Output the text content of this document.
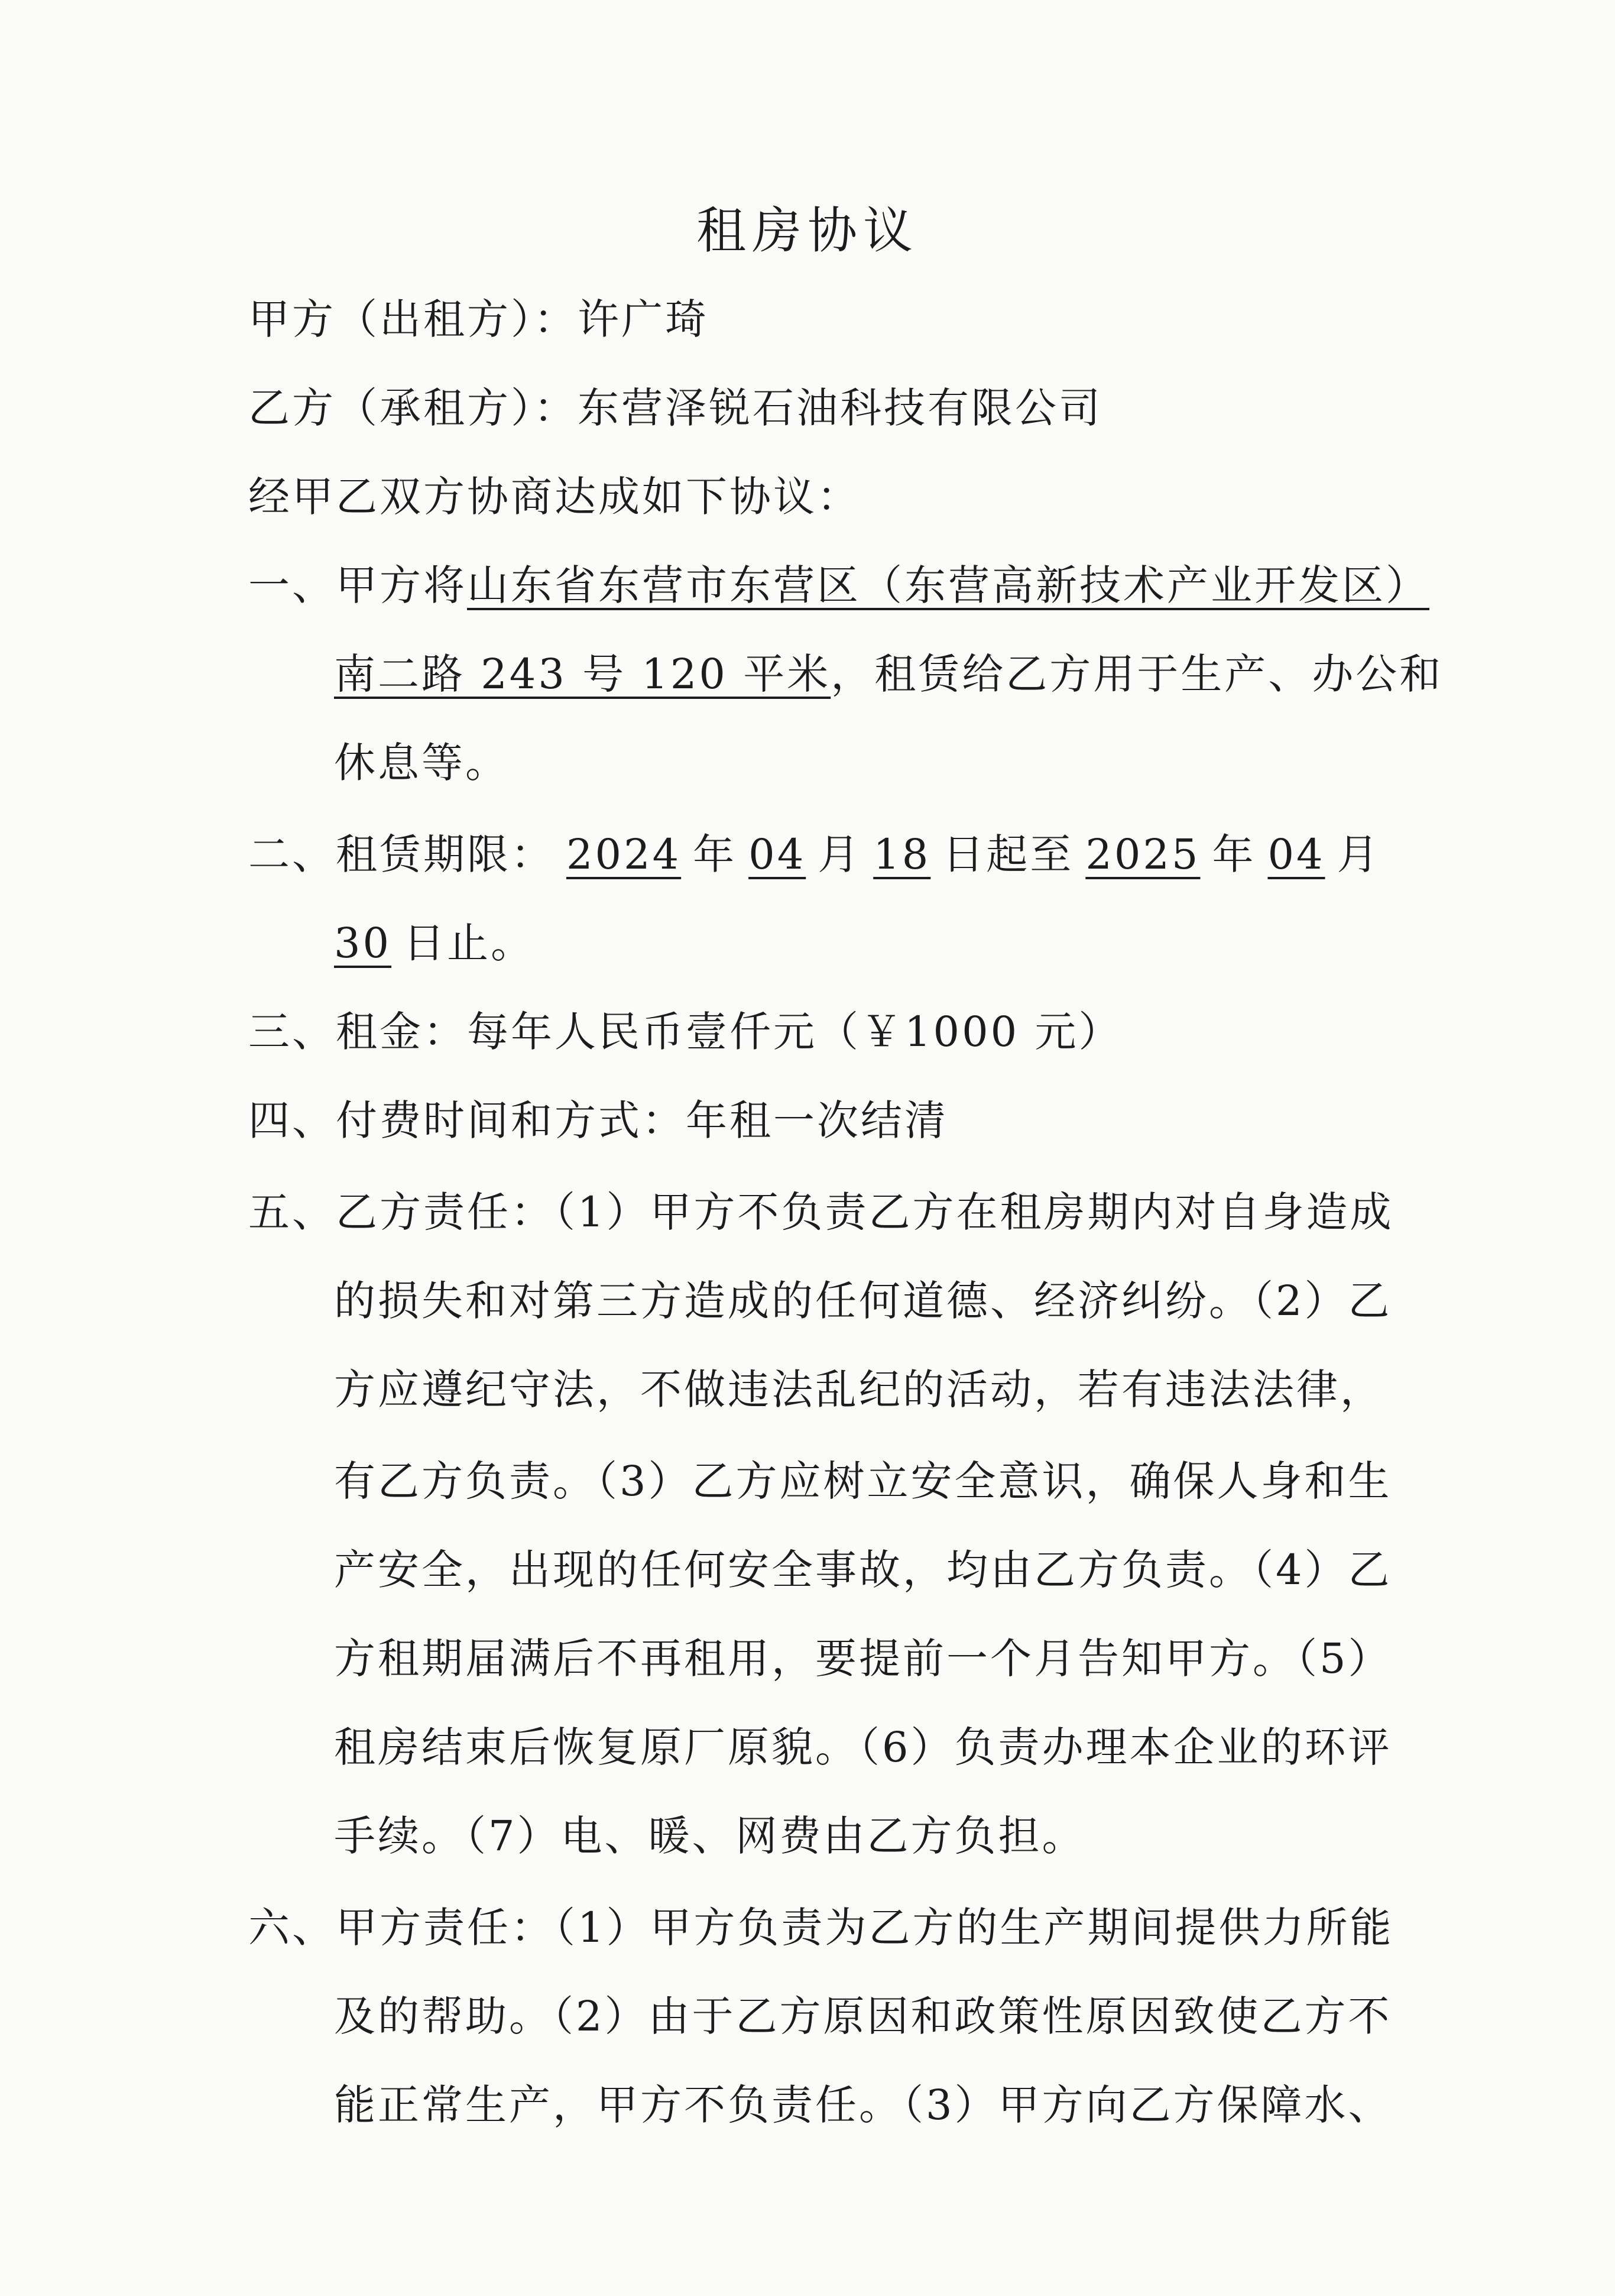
租房协议
甲方（出租方）：许广琦
乙方（承租方）：东营泽锐石油科技有限公司
经甲乙双方协商达成如下协议：
一、甲方将山东省东营市东营区（东营高新技术产业开发区）
南二路 243 号 120 平米，租赁给乙方用于生产、办公和
休息等。
二、租赁期限： 2024 年 04 月 18 日起至 2025 年 04 月
30 日止。
三、租金：每年人民币壹仟元（￥1000 元）
四、付费时间和方式：年租一次结清
五、乙方责任：（1）甲方不负责乙方在租房期内对自身造成
的损失和对第三方造成的任何道德、经济纠纷。（2）乙
方应遵纪守法，不做违法乱纪的活动，若有违法法律，
有乙方负责。（3）乙方应树立安全意识，确保人身和生
产安全，出现的任何安全事故，均由乙方负责。（4）乙
方租期届满后不再租用，要提前一个月告知甲方。（5）
租房结束后恢复原厂原貌。（6）负责办理本企业的环评
手续。（7）电、暖、网费由乙方负担。
六、甲方责任：（1）甲方负责为乙方的生产期间提供力所能
及的帮助。（2）由于乙方原因和政策性原因致使乙方不
能正常生产，甲方不负责任。（3）甲方向乙方保障水、
